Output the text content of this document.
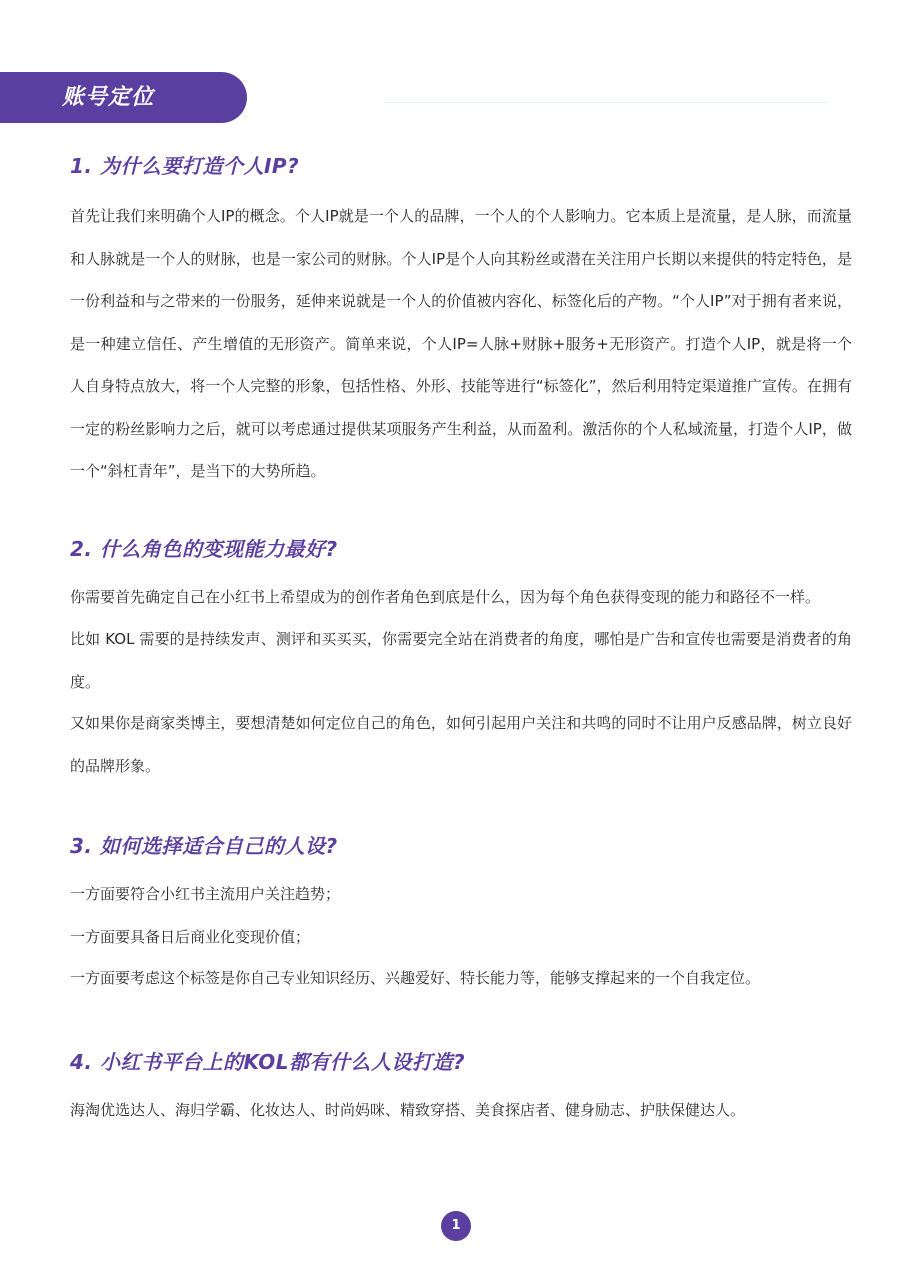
账号定位
1. 为什么要打造个人IP?

首先让我们来明确个人IP的概念。个人IP就是一个人的品牌，一个人的个人影响力。它本质上是流量，是人脉，而流量和人脉就是一个人的财脉，也是一家公司的财脉。个人IP是个人向其粉丝或潜在关注用户长期以来提供的特定特色，是一份利益和与之带来的一份服务，延伸来说就是一个人的价值被内容化、标签化后的产物。“个人IP”对于拥有者来说，是一种建立信任、产生增值的无形资产。简单来说，个人IP=人脉+财脉+服务+无形资产。打造个人IP，就是将一个人自身特点放大，将一个人完整的形象，包括性格、外形、技能等进行“标签化”，然后利用特定渠道推广宣传。在拥有一定的粉丝影响力之后，就可以考虑通过提供某项服务产生利益，从而盈利。激活你的个人私域流量，打造个人IP，做一个“斜杠青年”，是当下的大势所趋。

2. 什么角色的变现能力最好?

你需要首先确定自己在小红书上希望成为的创作者角色到底是什么，因为每个角色获得变现的能力和路径不一样。

比如 KOL 需要的是持续发声、测评和买买买，你需要完全站在消费者的角度，哪怕是广告和宣传也需要是消费者的角度。

又如果你是商家类博主，要想清楚如何定位自己的角色，如何引起用户关注和共鸣的同时不让用户反感品牌，树立良好的品牌形象。

3. 如何选择适合自己的人设?

一方面要符合小红书主流用户关注趋势；

一方面要具备日后商业化变现价值；

一方面要考虑这个标签是你自己专业知识经历、兴趣爱好、特长能力等，能够支撑起来的一个自我定位。

4. 小红书平台上的KOL都有什么人设打造?

海淘优选达人、海归学霸、化妆达人、时尚妈咪、精致穿搭、美食探店者、健身励志、护肤保健达人。

1
